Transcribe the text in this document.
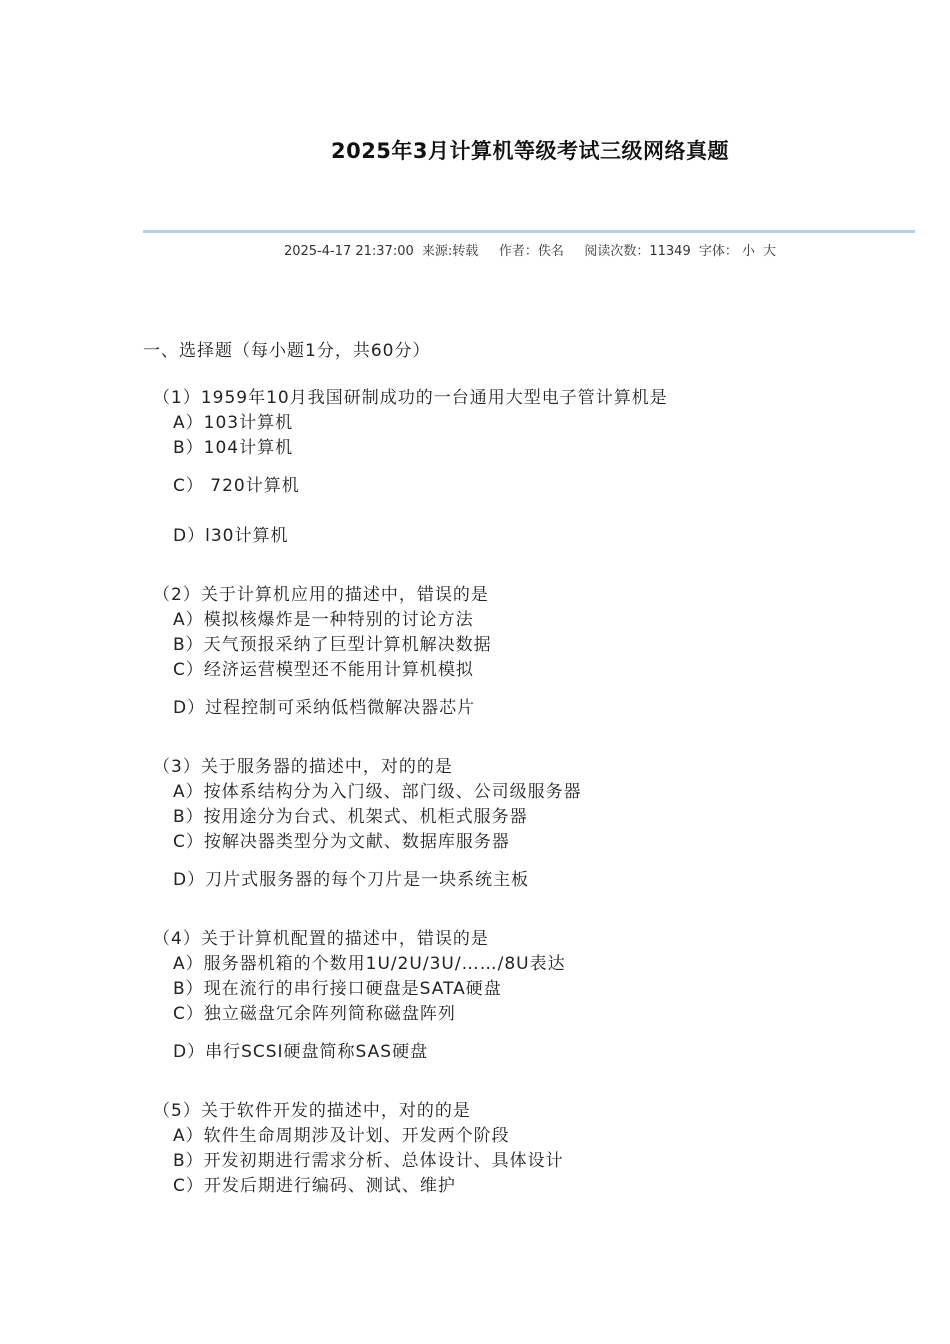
2025年3月计算机等级考试三级网络真题
2025-4-17 21:37:00 来源:转载 作者：佚名 阅读次数：11349 字体： 小 大
一、选择题（每小题1分，共60分）
（1）1959年10月我国研制成功的一台通用大型电子管计算机是
A）103计算机
B）104计算机
C） 720计算机
D）l30计算机
（2）关于计算机应用的描述中，错误的是
A）模拟核爆炸是一种特别的讨论方法
B）天气预报采纳了巨型计算机解决数据
C）经济运营模型还不能用计算机模拟
D）过程控制可采纳低档微解决器芯片
（3）关于服务器的描述中，对的的是
A）按体系结构分为入门级、部门级、公司级服务器
B）按用途分为台式、机架式、机柜式服务器
C）按解决器类型分为文献、数据库服务器
D）刀片式服务器的每个刀片是一块系统主板
（4）关于计算机配置的描述中，错误的是
A）服务器机箱的个数用1U/2U/3U/……/8U表达
B）现在流行的串行接口硬盘是SATA硬盘
C）独立磁盘冗余阵列简称磁盘阵列
D）串行SCSI硬盘简称SAS硬盘
（5）关于软件开发的描述中，对的的是
A）软件生命周期涉及计划、开发两个阶段
B）开发初期进行需求分析、总体设计、具体设计
C）开发后期进行编码、测试、维护
